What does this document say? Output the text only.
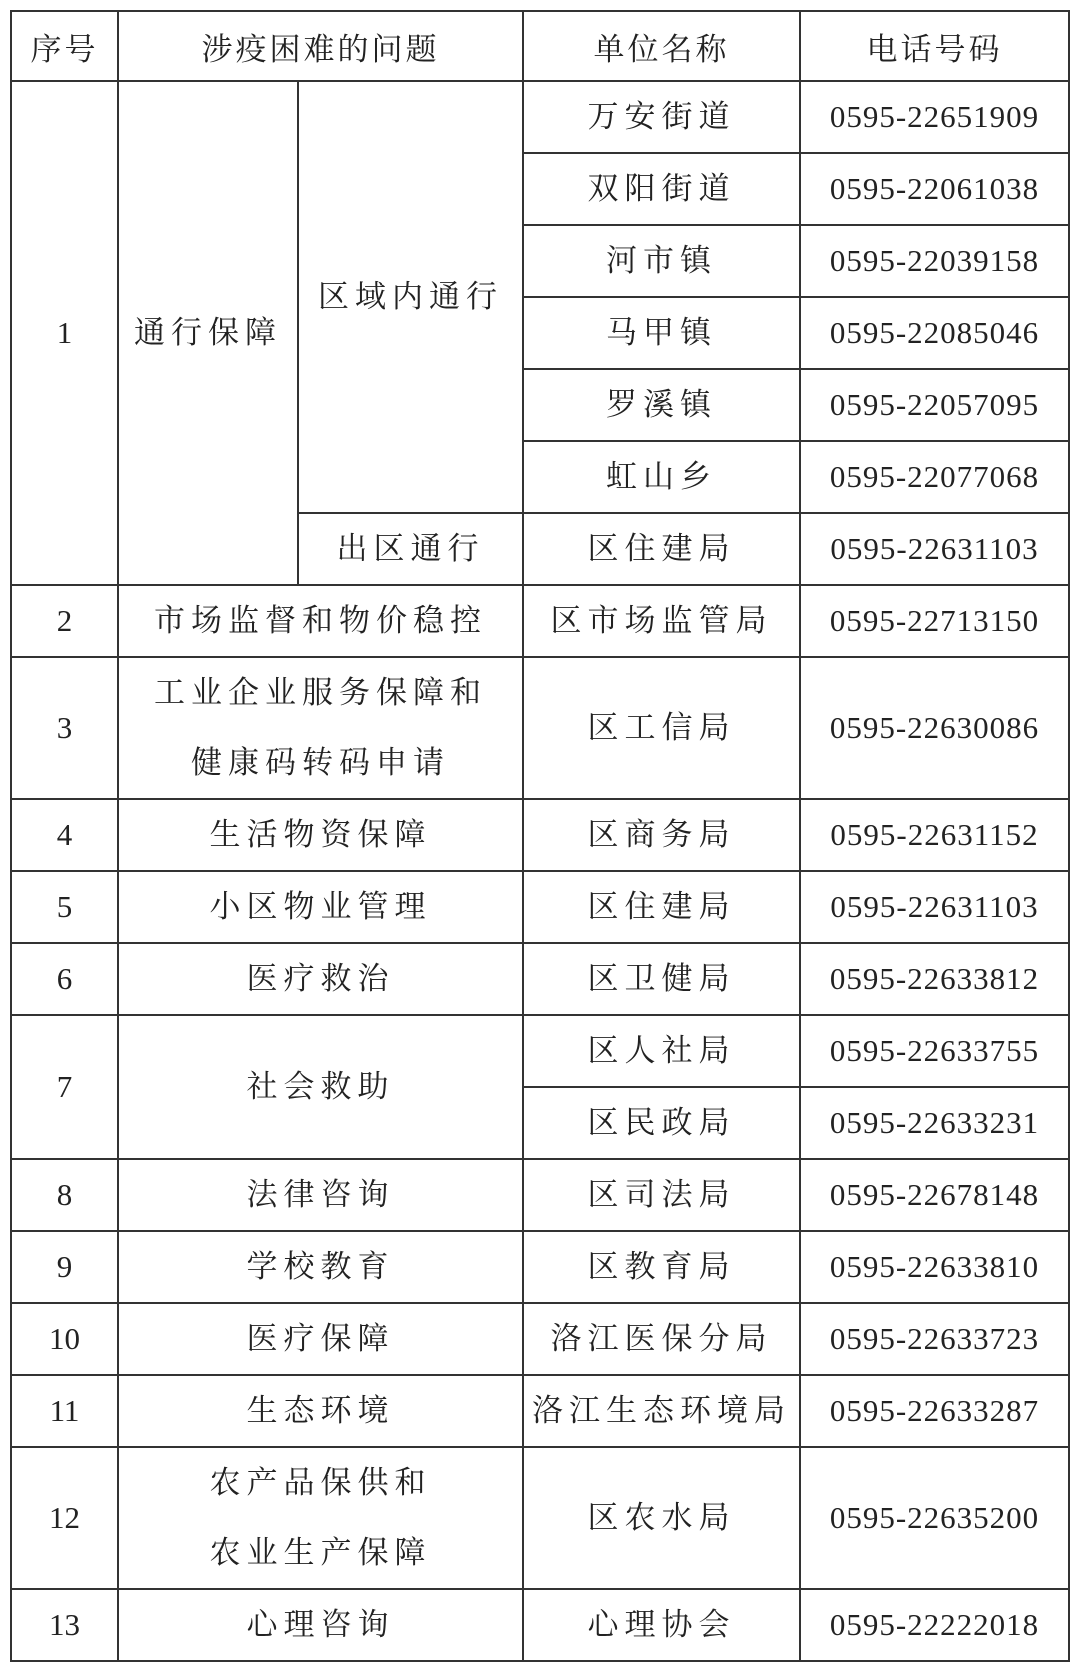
序号	涉疫困难的问题		单位名称	电话号码
1	通行保障	区域内通行	万安街道	0595-22651909
			双阳街道	0595-22061038
			河市镇	0595-22039158
			马甲镇	0595-22085046
			罗溪镇	0595-22057095
			虹山乡	0595-22077068
		出区通行	区住建局	0595-22631103
2	市场监督和物价稳控		区市场监管局	0595-22713150
3	工业企业服务保障和
健康码转码申请		区工信局	0595-22630086
4	生活物资保障		区商务局	0595-22631152
5	小区物业管理		区住建局	0595-22631103
6	医疗救治		区卫健局	0595-22633812
7	社会救助		区人社局	0595-22633755
			区民政局	0595-22633231
8	法律咨询		区司法局	0595-22678148
9	学校教育		区教育局	0595-22633810
10	医疗保障		洛江医保分局	0595-22633723
11	生态环境		洛江生态环境局	0595-22633287
12	农产品保供和
农业生产保障		区农水局	0595-22635200
13	心理咨询		心理协会	0595-22222018
